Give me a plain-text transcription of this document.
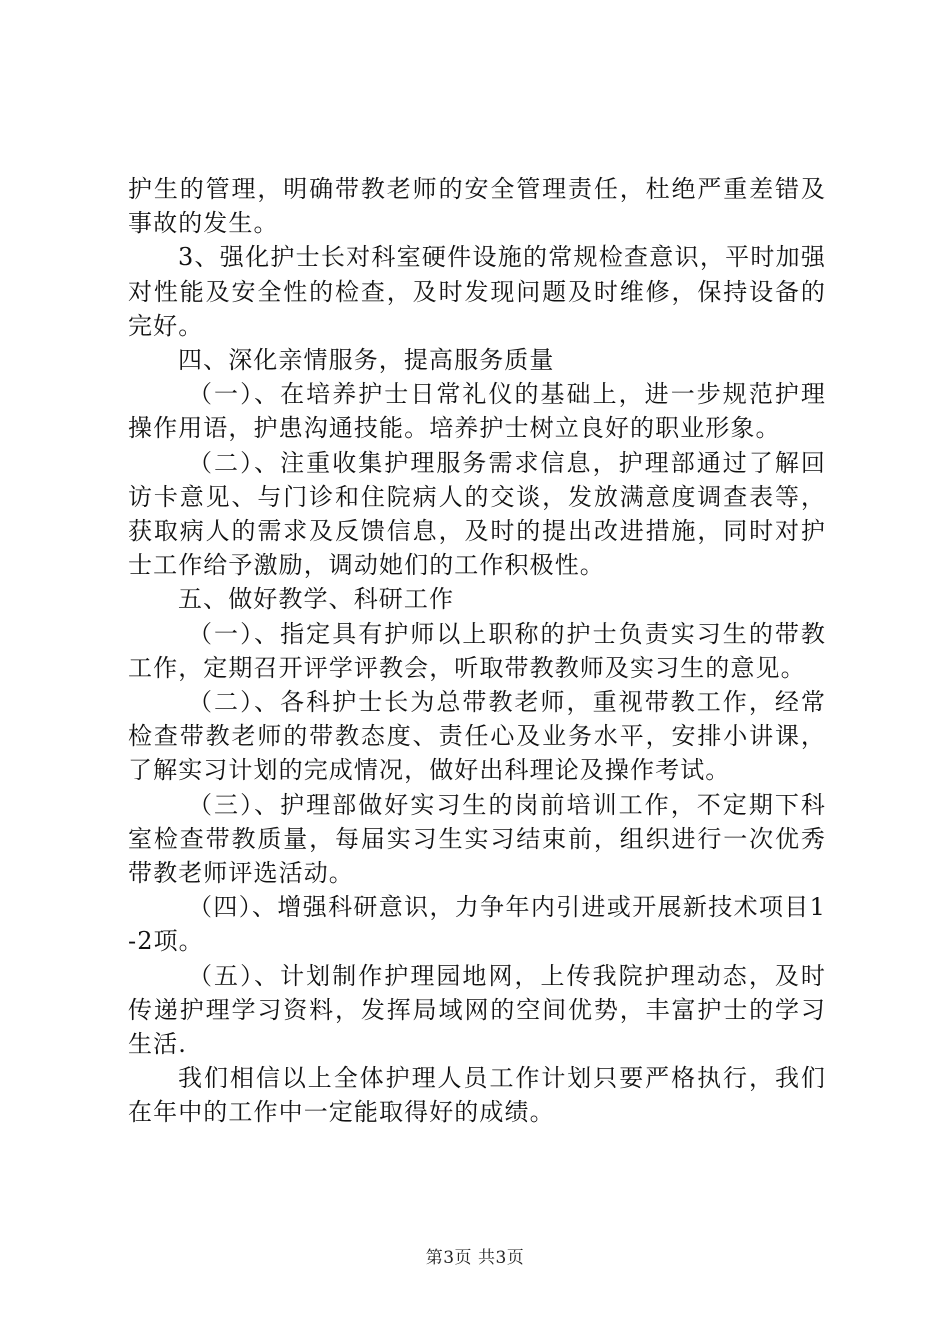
护生的管理，明确带教老师的安全管理责任，杜绝严重差错及事故的发生。

3、强化护士长对科室硬件设施的常规检查意识，平时加强对性能及安全性的检查，及时发现问题及时维修，保持设备的完好。

四、深化亲情服务，提高服务质量

（一）、在培养护士日常礼仪的基础上，进一步规范护理操作用语，护患沟通技能。培养护士树立良好的职业形象。

（二）、注重收集护理服务需求信息，护理部通过了解回访卡意见、与门诊和住院病人的交谈，发放满意度调查表等，获取病人的需求及反馈信息，及时的提出改进措施，同时对护士工作给予激励，调动她们的工作积极性。

五、做好教学、科研工作

（一）、指定具有护师以上职称的护士负责实习生的带教工作，定期召开评学评教会，听取带教教师及实习生的意见。

（二）、各科护士长为总带教老师，重视带教工作，经常检查带教老师的带教态度、责任心及业务水平，安排小讲课，了解实习计划的完成情况，做好出科理论及操作考试。

（三）、护理部做好实习生的岗前培训工作，不定期下科室检查带教质量，每届实习生实习结束前，组织进行一次优秀带教老师评选活动。

（四）、增强科研意识，力争年内引进或开展新技术项目1-2项。

（五）、计划制作护理园地网，上传我院护理动态，及时传递护理学习资料，发挥局域网的空间优势，丰富护士的学习生活.

我们相信以上全体护理人员工作计划只要严格执行，我们在年中的工作中一定能取得好的成绩。

第3页 共3页
